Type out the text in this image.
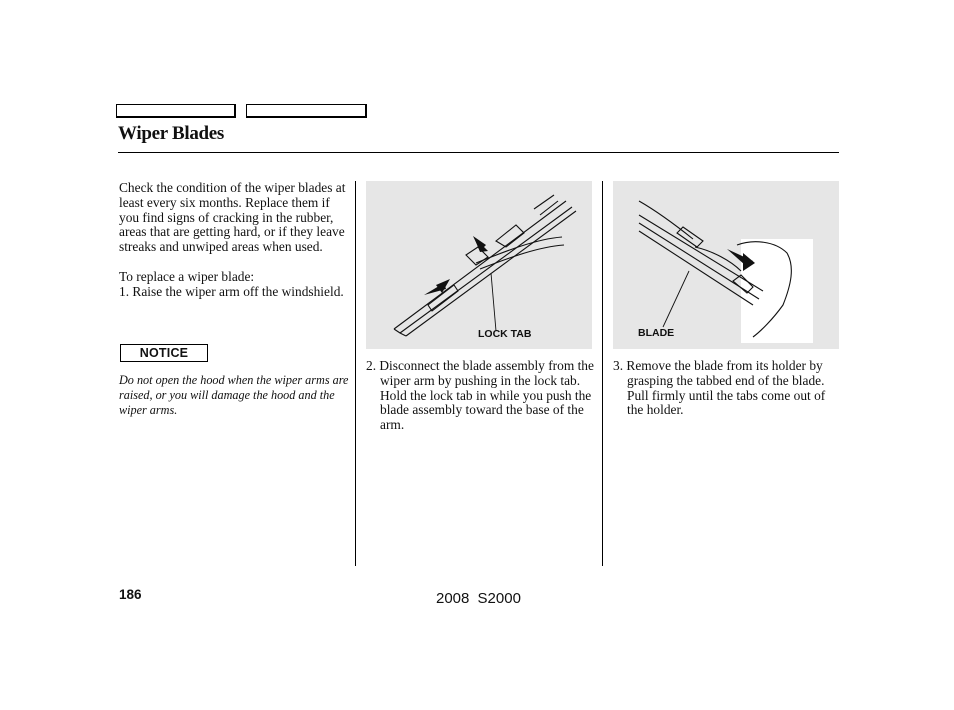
Wiper Blades

Check the condition of the wiper blades at least every six months. Replace them if you find signs of cracking in the rubber, areas that are getting hard, or if they leave streaks and unwiped areas when used.

To replace a wiper blade:

1. Raise the wiper arm off the windshield.

NOTICE
Do not open the hood when the wiper arms are raised, or you will damage the hood and the wiper arms.
LOCK TAB	BLADE

2. Disconnect the blade assembly from the wiper arm by pushing in the lock tab. Hold the lock tab in while you push the blade assembly toward the base of the arm.

3. Remove the blade from its holder by grasping the tabbed end of the blade. Pull firmly until the tabs come out of the holder.

186	2008 S2000
